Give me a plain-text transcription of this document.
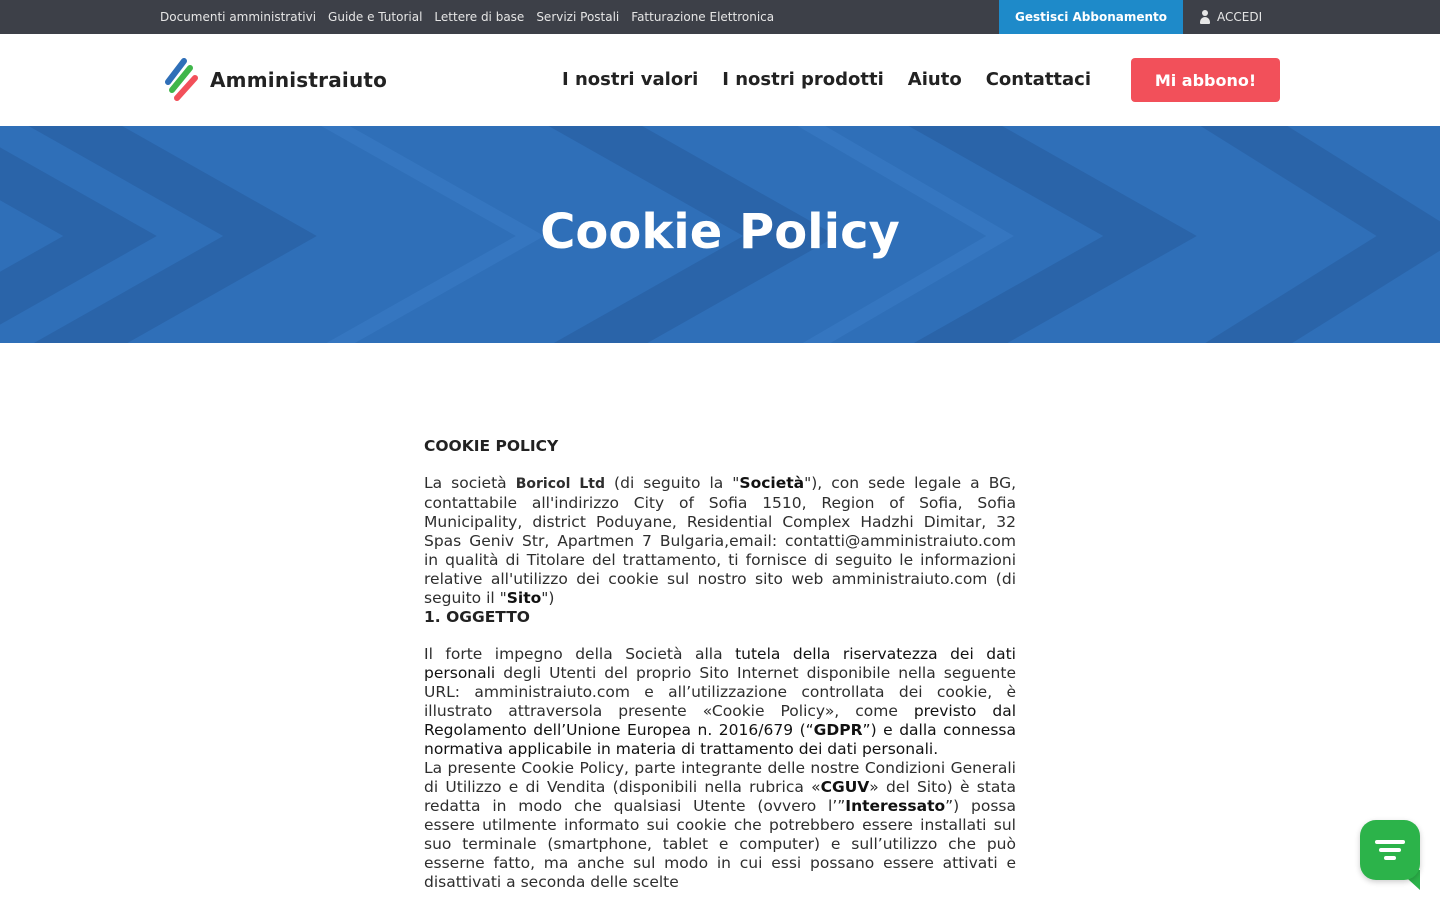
Documenti amministrativi Guide e Tutorial Lettere di base Servizi Postali Fatturazione Elettronica	Gestisci Abbonamento	ACCEDI
Amministraiuto	I nostri valori I nostri prodotti Aiuto Contattaci	Mi abbono!
Cookie Policy
COOKIE POLICY

La società Boricol Ltd (di seguito la "Società"), con sede legale a BG, contattabile all'indirizzo City of Sofia 1510, Region of Sofia, Sofia Municipality, district Poduyane, Residential Complex Hadzhi Dimitar, 32 Spas Geniv Str, Apartmen 7 Bulgaria,email: contatti@amministraiuto.com in qualità di Titolare del trattamento, ti fornisce di seguito le informazioni relative all'utilizzo dei cookie sul nostro sito web amministraiuto.com (di seguito il "Sito")

1. OGGETTO

Il forte impegno della Società alla tutela della riservatezza dei dati personali degli Utenti del proprio Sito Internet disponibile nella seguente URL: amministraiuto.com e all’utilizzazione controllata dei cookie, è illustrato attraversola presente «Cookie Policy», come previsto dal Regolamento dell’Unione Europea n. 2016/679 (“GDPR”) e dalla connessa normativa applicabile in materia di trattamento dei dati personali.

La presente Cookie Policy, parte integrante delle nostre Condizioni Generali di Utilizzo e di Vendita (disponibili nella rubrica «CGUV» del Sito) è stata redatta in modo che qualsiasi Utente (ovvero l’”Interessato”) possa essere utilmente informato sui cookie che potrebbero essere installati sul suo terminale (smartphone, tablet e computer) e sull’utilizzo che può esserne fatto, ma anche sul modo in cui essi possano essere attivati e disattivati a seconda delle scelte
